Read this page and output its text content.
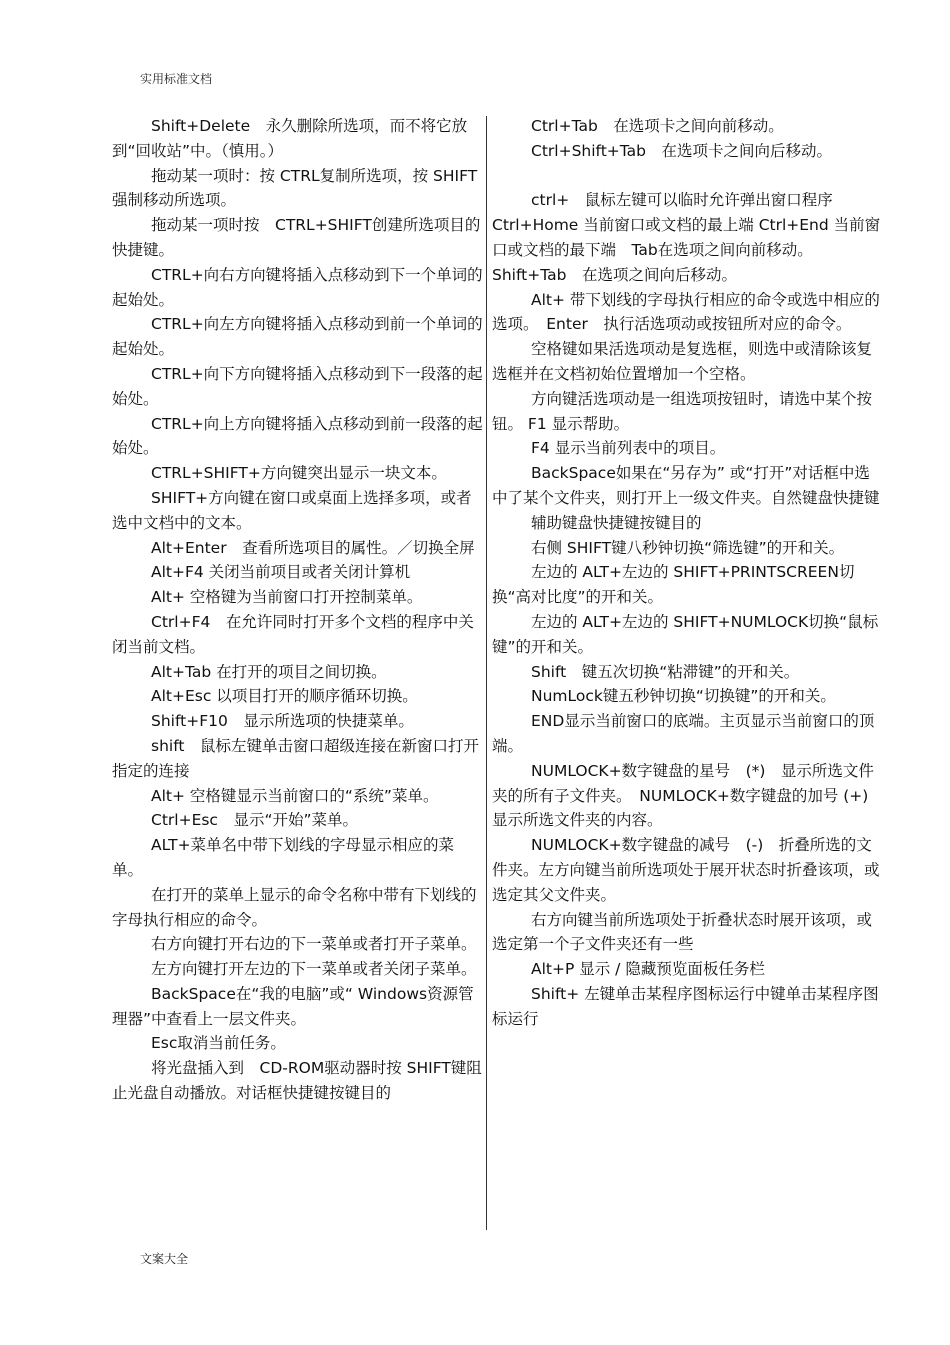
实用标准文档

Shift+Delete　永久删除所选项，而不将它放到“回收站”中。（慎用。）

拖动某一项时：按 CTRL复制所选项，按 SHIFT强制移动所选项。

拖动某一项时按　CTRL+SHIFT创建所选项目的快捷键。

CTRL+向右方向键将插入点移动到下一个单词的起始处。

CTRL+向左方向键将插入点移动到前一个单词的起始处。

CTRL+向下方向键将插入点移动到下一段落的起始处。

CTRL+向上方向键将插入点移动到前一段落的起始处。

CTRL+SHIFT+方向键突出显示一块文本。

SHIFT+方向键在窗口或桌面上选择多项，或者选中文档中的文本。

Alt+Enter　查看所选项目的属性。／切换全屏

Alt+F4 关闭当前项目或者关闭计算机

Alt+ 空格键为当前窗口打开控制菜单。

Ctrl+F4　在允许同时打开多个文档的程序中关闭当前文档。

Alt+Tab 在打开的项目之间切换。

Alt+Esc 以项目打开的顺序循环切换。

Shift+F10　显示所选项的快捷菜单。

shift　鼠标左键单击窗口超级连接在新窗口打开指定的连接

Alt+ 空格键显示当前窗口的“系统”菜单。

Ctrl+Esc　显示“开始”菜单。

ALT+菜单名中带下划线的字母显示相应的菜单。

在打开的菜单上显示的命令名称中带有下划线的字母执行相应的命令。

右方向键打开右边的下一菜单或者打开子菜单。

左方向键打开左边的下一菜单或者关闭子菜单。

BackSpace在“我的电脑”或“ Windows资源管理器”中查看上一层文件夹。

Esc取消当前任务。

将光盘插入到　CD-ROM驱动器时按 SHIFT键阻止光盘自动播放。对话框快捷键按键目的

Ctrl+Tab　在选项卡之间向前移动。

Ctrl+Shift+Tab　在选项卡之间向后移动。

ctrl+　鼠标左键可以临时允许弹出窗口程序　Ctrl+Home 当前窗口或文档的最上端 Ctrl+End 当前窗口或文档的最下端　Tab在选项之间向前移动。 Shift+Tab　在选项之间向后移动。

Alt+ 带下划线的字母执行相应的命令或选中相应的选项。　Enter　执行活选项动或按钮所对应的命令。

空格键如果活选项动是复选框，则选中或清除该复选框并在文档初始位置增加一个空格。

方向键活选项动是一组选项按钮时，请选中某个按钮。 F1 显示帮助。

F4 显示当前列表中的项目。

BackSpace如果在“另存为” 或“打开”对话框中选中了某个文件夹，则打开上一级文件夹。自然键盘快捷键

辅助键盘快捷键按键目的

右侧 SHIFT键八秒钟切换“筛选键”的开和关。

左边的 ALT+左边的 SHIFT+PRINTSCREEN切换“高对比度”的开和关。

左边的 ALT+左边的 SHIFT+NUMLOCK切换“鼠标键”的开和关。

Shift　键五次切换“粘滞键”的开和关。

NumLock键五秒钟切换“切换键”的开和关。

END显示当前窗口的底端。主页显示当前窗口的顶端。

NUMLOCK+数字键盘的星号　(*)　显示所选文件夹的所有子文件夹。　NUMLOCK+数字键盘的加号 (+) 显示所选文件夹的内容。

NUMLOCK+数字键盘的减号　(-)　折叠所选的文件夹。左方向键当前所选项处于展开状态时折叠该项，或选定其父文件夹。

右方向键当前所选项处于折叠状态时展开该项，或选定第一个子文件夹还有一些

Alt+P 显示 / 隐藏预览面板任务栏

Shift+ 左键单击某程序图标运行中键单击某程序图标运行

文案大全
